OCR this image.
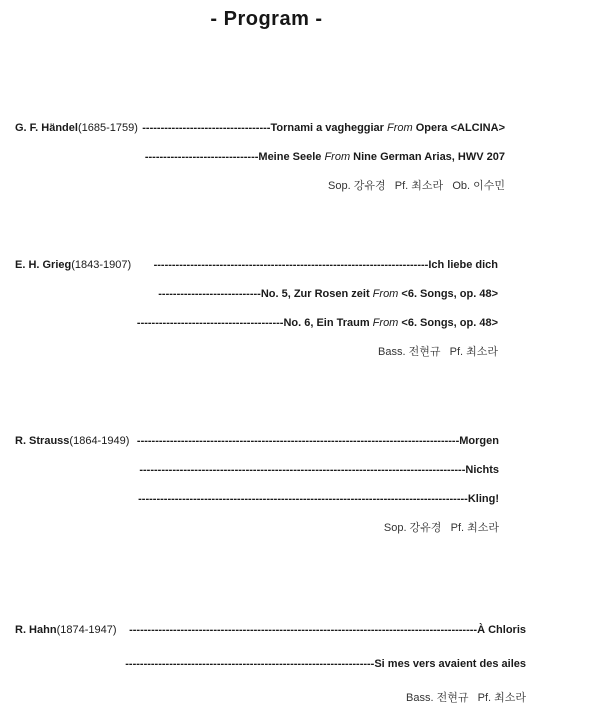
- Program -
G. F. Händel(1685-1759) -----------------------------------Tornami a vagheggiar From Opera <ALCINA>
-------------------------------Meine Seele From Nine German Arias, HWV 207
Sop. 강유경   Pf. 최소라   Ob. 이수민
E. H. Grieg(1843-1907)	---------------------------------------------------------------------------Ich liebe dich
----------------------------No. 5, Zur Rosen zeit From <6. Songs, op. 48>
----------------------------------------No. 6, Ein Traum From <6. Songs, op. 48>
Bass. 전현규   Pf. 최소라
R. Strauss(1864-1949) ----------------------------------------------------------------------------------------Morgen
-----------------------------------------------------------------------------------------Nichts
------------------------------------------------------------------------------------------Kling!
Sop. 강유경   Pf. 최소라
R. Hahn(1874-1947)	-----------------------------------------------------------------------------------------------À Chloris
--------------------------------------------------------------------Si mes vers avaient des ailes
Bass. 전현규   Pf. 최소라
